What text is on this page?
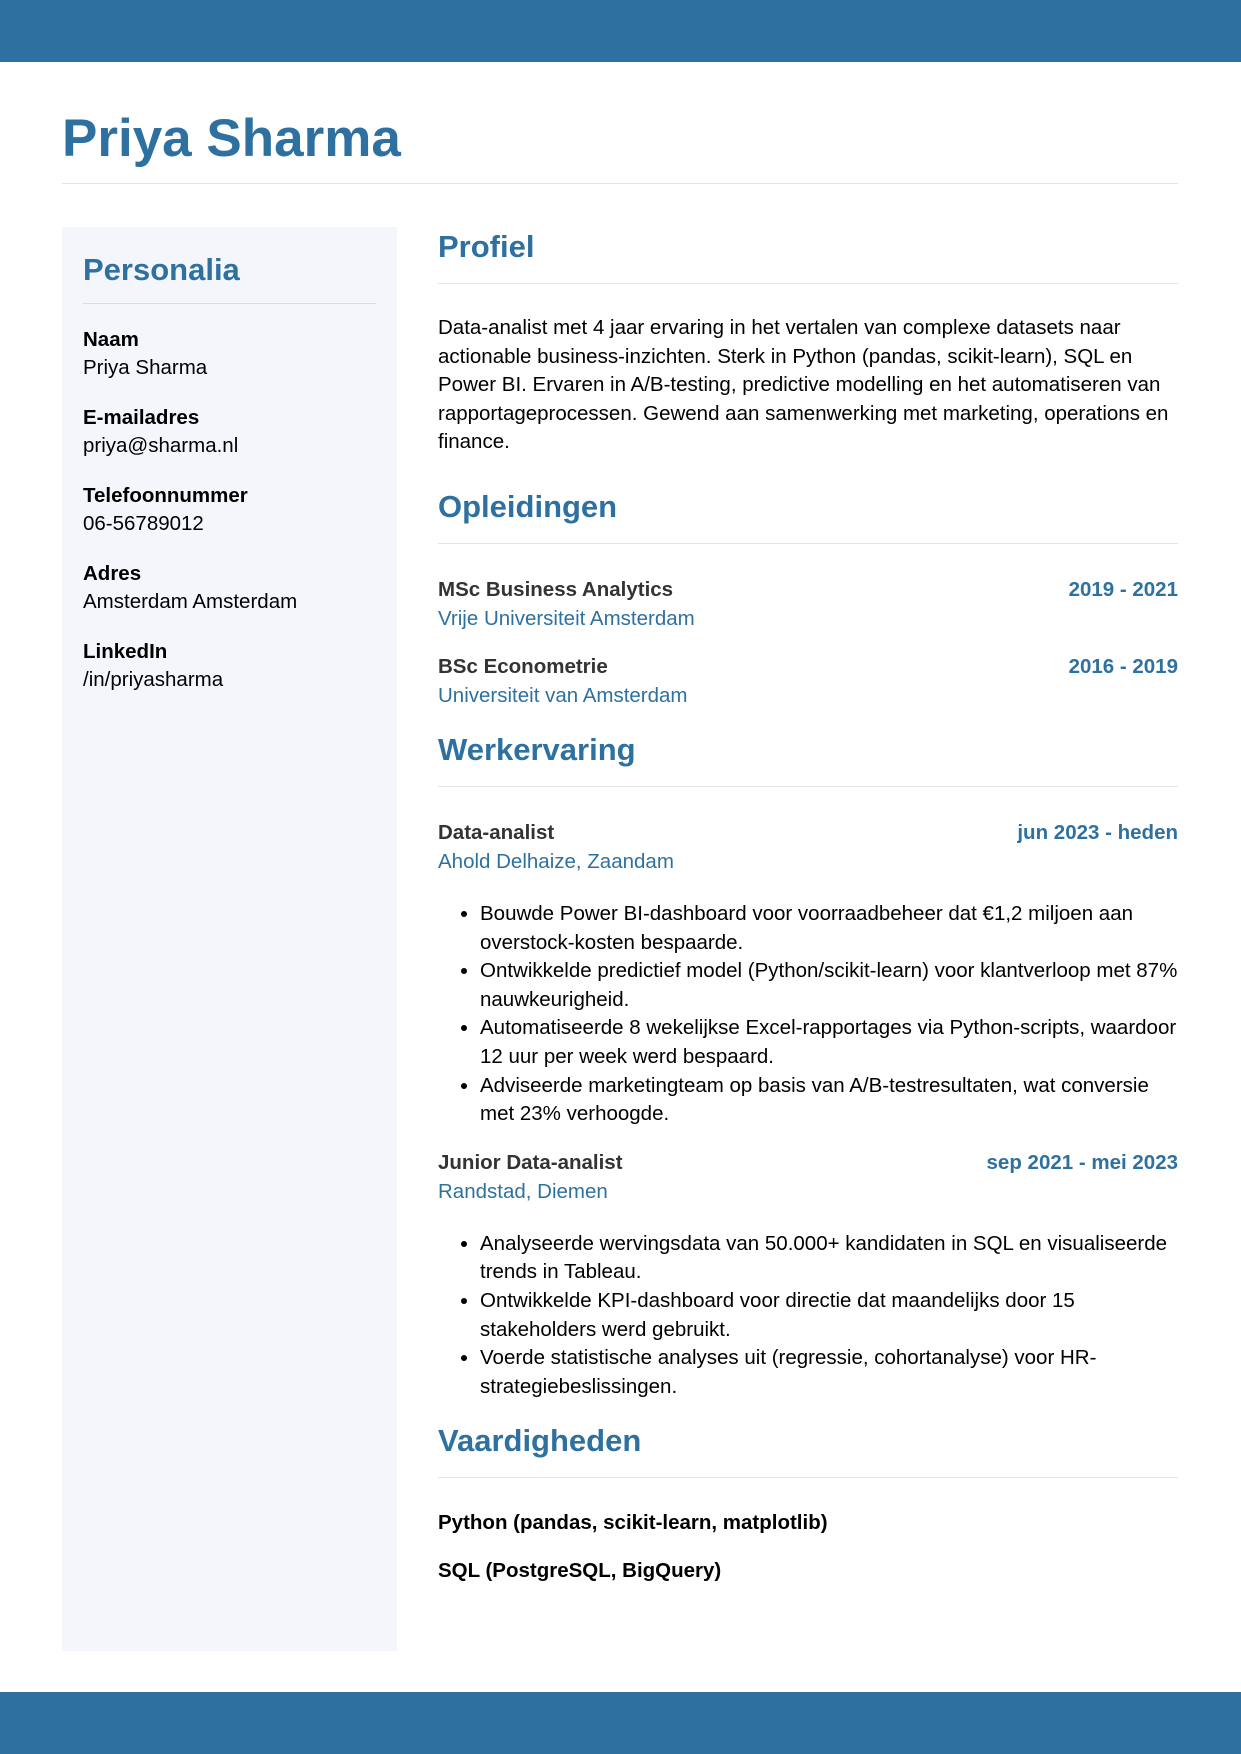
Priya Sharma
Personalia
Naam
Priya Sharma
E-mailadres
priya@sharma.nl
Telefoonnummer
06-56789012
Adres
Amsterdam Amsterdam
LinkedIn
/in/priyasharma
Profiel

Data-analist met 4 jaar ervaring in het vertalen van complexe datasets naar actionable business-inzichten. Sterk in Python (pandas, scikit-learn), SQL en Power BI. Ervaren in A/B-testing, predictive modelling en het automatiseren van rapportageprocessen. Gewend aan samenwerking met marketing, operations en finance.

Opleidingen
MSc Business Analytics	2019 - 2021
Vrije Universiteit Amsterdam
BSc Econometrie	2016 - 2019
Universiteit van Amsterdam
Werkervaring
Data-analist	jun 2023 - heden
Ahold Delhaize, Zaandam
• Bouwde Power BI-dashboard voor voorraadbeheer dat €1,2 miljoen aan overstock-kosten bespaarde.
• Ontwikkelde predictief model (Python/scikit-learn) voor klantverloop met 87% nauwkeurigheid.
• Automatiseerde 8 wekelijkse Excel-rapportages via Python-scripts, waardoor 12 uur per week werd bespaard.
• Adviseerde marketingteam op basis van A/B-testresultaten, wat conversie met 23% verhoogde.
Junior Data-analist	sep 2021 - mei 2023
Randstad, Diemen
• Analyseerde wervingsdata van 50.000+ kandidaten in SQL en visualiseerde trends in Tableau.
• Ontwikkelde KPI-dashboard voor directie dat maandelijks door 15 stakeholders werd gebruikt.
• Voerde statistische analyses uit (regressie, cohortanalyse) voor HR-strategiebeslissingen.
Vaardigheden
Python (pandas, scikit-learn, matplotlib)
SQL (PostgreSQL, BigQuery)
